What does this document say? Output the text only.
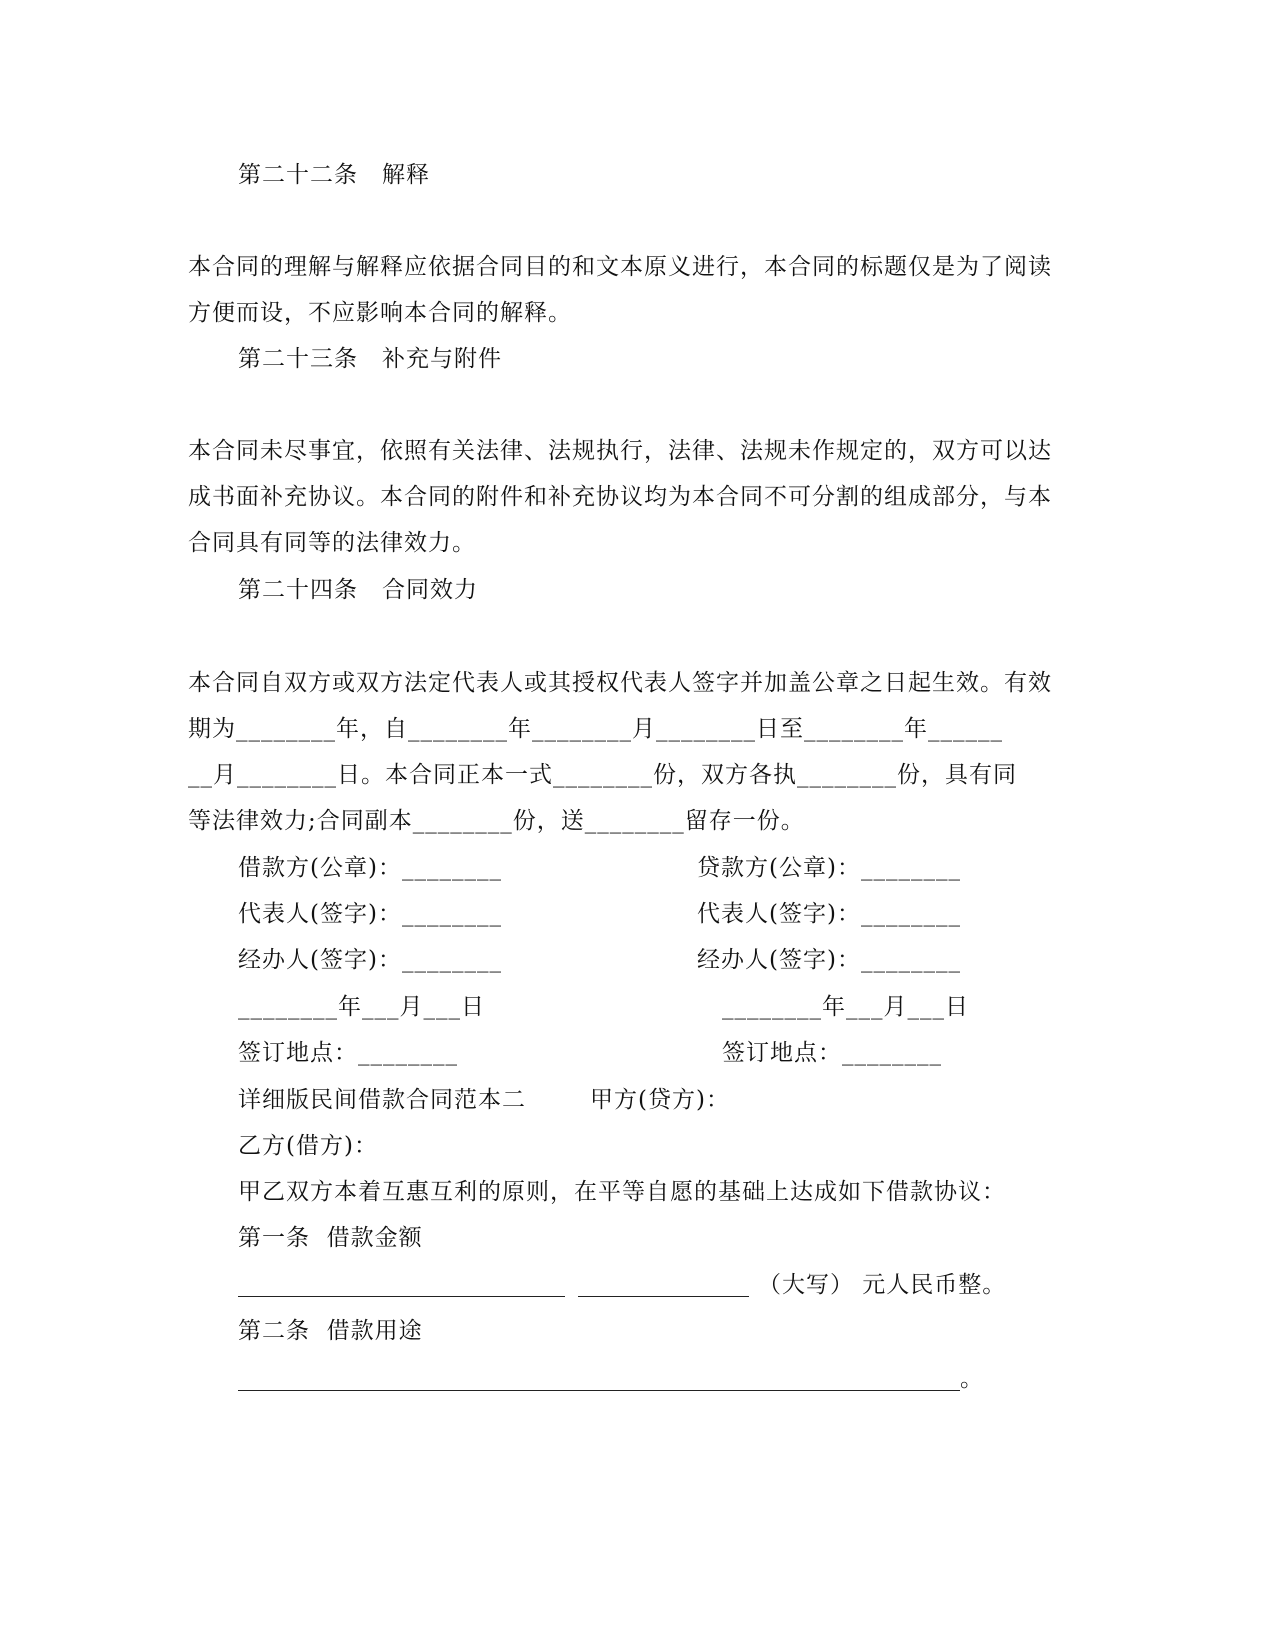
第二十二条　解释
本合同的理解与解释应依据合同目的和文本原义进行，本合同的标题仅是为了阅读
方便而设，不应影响本合同的解释。
第二十三条　补充与附件
本合同未尽事宜，依照有关法律、法规执行，法律、法规未作规定的，双方可以达
成书面补充协议。本合同的附件和补充协议均为本合同不可分割的组成部分，与本
合同具有同等的法律效力。
第二十四条　合同效力
本合同自双方或双方法定代表人或其授权代表人签字并加盖公章之日起生效。有效
期为________年，自________年________月________日至________年______
__月________日。本合同正本一式________份，双方各执________份，具有同
等法律效力;合同副本________份，送________留存一份。
借款方(公章)：________	贷款方(公章)：________
代表人(签字)：________	代表人(签字)：________
经办人(签字)：________	经办人(签字)：________
________年___月___日	________年___月___日
签订地点：________	签订地点：________
详细版民间借款合同范本二	甲方(贷方)：
乙方(借方)：
甲乙双方本着互惠互利的原则，在平等自愿的基础上达成如下借款协议：
第一条  借款金额
（大写） 元人民币整。
第二条  借款用途
。
